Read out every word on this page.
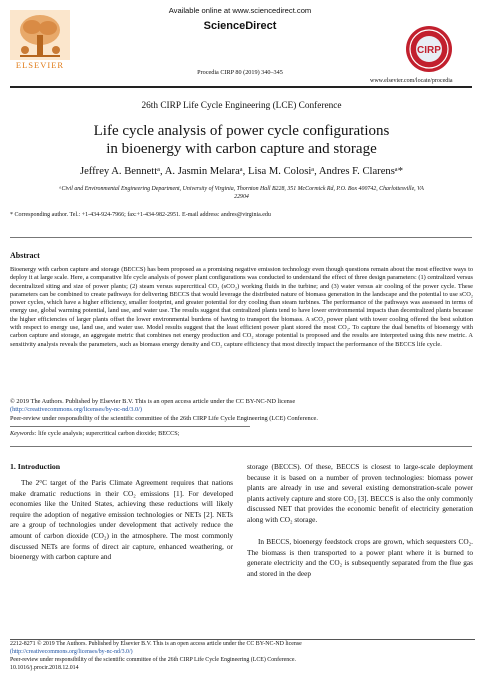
ELSEVIER
Available online at www.sciencedirect.com
ScienceDirect
Procedia CIRP 80 (2019) 340–345
CIRP
www.elsevier.com/locate/procedia
26th CIRP Life Cycle Engineering (LCE) Conference
Life cycle analysis of power cycle configurations
in bioenergy with carbon capture and storage
Jeffrey A. Bennettᵃ, A. Jasmin Melaraᵃ, Lisa M. Colosiᵃ, Andres F. Clarensᵃ*
ᵃCivil and Environmental Engineering Department, University of Virginia, Thornton Hall B228, 351 McCormick Rd, P.O. Box 400742, Charlottesville, VA
22904
* Corresponding author. Tel.: +1-434-924-7966; fax:+1-434-982-2951. E-mail address: andres@virginia.edu
Abstract
Bioenergy with carbon capture and storage (BECCS) has been proposed as a promising negative emission technology even though questions remain about the most effective ways to deploy it at large scale. Here, a comparative life cycle analysis of power plant configurations was conducted to understand the effect of three design parameters: (1) centralized versus decentralized siting and size of power plants; (2) steam versus supercritical CO₂ (sCO₂) working fluids in the turbine; and (3) water versus air cooling of the power cycle. These parameters can be combined to create pathways for delivering BECCS that would leverage the distributed nature of biomass generation in the landscape and the potential to use sCO₂ power cycles, which have a higher efficiency, smaller footprint, and greater potential for dry cooling than steam turbines. The performance of the pathways was assessed in terms of energy use, global warming potential, land use, and water use. The results suggest that centralized plants tend to have lower environmental impacts than decentralized plants because the higher efficiencies of larger plants offset the lower environmental burdens of having to transport the biomass. A sCO₂ power plant with tower cooling offered the best solution with respect to energy use, land use, and water use. Model results suggest that the least efficient power plant stored the most CO₂. To capture the dual benefits of bioenergy with carbon capture and storage, an aggregate metric that combines net energy production and CO₂ storage potential is proposed and the results are interpreted using this new metric. A sensitivity analysis reveals the parameters, such as biomass energy density and CO₂ capture efficiency that most directly impact the performance of the BECCS life cycle.
© 2019 The Authors. Published by Elsevier B.V. This is an open access article under the CC BY-NC-ND license
(http://creativecommons.org/licenses/by-nc-nd/3.0/)
Peer-review under responsibility of the scientific committee of the 26th CIRP Life Cycle Engineering (LCE) Conference.
Keywords: life cycle analysis; supercritical carbon dioxide; BECCS;
1. Introduction
The 2°C target of the Paris Climate Agreement requires that nations make dramatic reductions in their CO₂ emissions [1]. For developed economies like the United States, achieving these reductions will likely require the adoption of negative emission technologies or NETs [2]. NETs are a group of technologies under development that actively reduce the amount of carbon dioxide (CO₂) in the atmosphere. The most commonly discussed NETs are forms of direct air capture, enhanced weathering, or bioenergy with carbon capture and
storage (BECCS). Of these, BECCS is closest to large-scale deployment because it is based on a number of proven technologies: biomass power plants are already in use and several existing demonstration-scale power plants actively capture and store CO₂ [3]. BECCS is also the only commonly discussed NET that provides the economic benefit of electricity generation along with CO₂ storage.
In BECCS, bioenergy feedstock crops are grown, which sequesters CO₂. The biomass is then transported to a power plant where it is burned to generate electricity and the CO₂ is subsequently separated from the flue gas and stored in the deep
2212-8271 © 2019 The Authors. Published by Elsevier B.V. This is an open access article under the CC BY-NC-ND license
(http://creativecommons.org/licenses/by-nc-nd/3.0/)
Peer-review under responsibility of the scientific committee of the 26th CIRP Life Cycle Engineering (LCE) Conference.
10.1016/j.procir.2018.12.014
